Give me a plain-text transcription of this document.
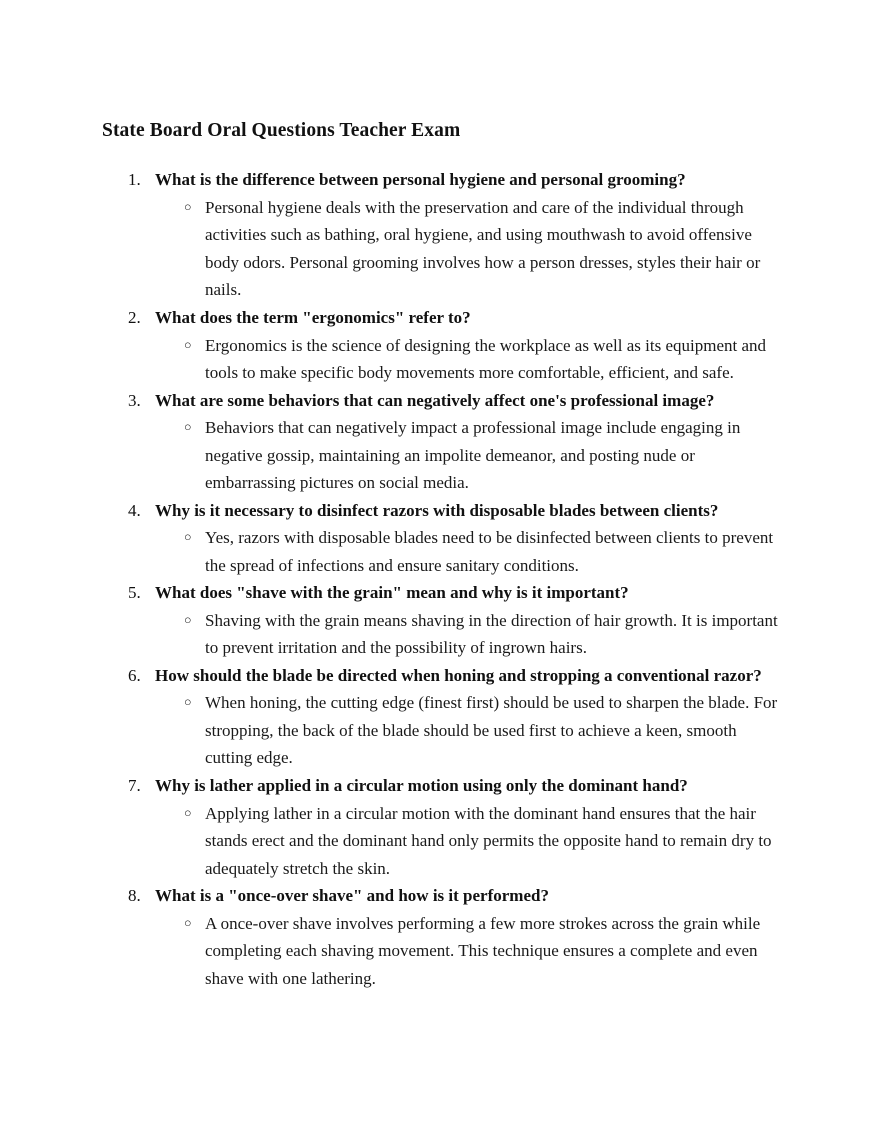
State Board Oral Questions Teacher Exam
1. What is the difference between personal hygiene and personal grooming?
○ Personal hygiene deals with the preservation and care of the individual through activities such as bathing, oral hygiene, and using mouthwash to avoid offensive body odors. Personal grooming involves how a person dresses, styles their hair or nails.
2. What does the term "ergonomics" refer to?
○ Ergonomics is the science of designing the workplace as well as its equipment and tools to make specific body movements more comfortable, efficient, and safe.
3. What are some behaviors that can negatively affect one's professional image?
○ Behaviors that can negatively impact a professional image include engaging in negative gossip, maintaining an impolite demeanor, and posting nude or embarrassing pictures on social media.
4. Why is it necessary to disinfect razors with disposable blades between clients?
○ Yes, razors with disposable blades need to be disinfected between clients to prevent the spread of infections and ensure sanitary conditions.
5. What does "shave with the grain" mean and why is it important?
○ Shaving with the grain means shaving in the direction of hair growth. It is important to prevent irritation and the possibility of ingrown hairs.
6. How should the blade be directed when honing and stropping a conventional razor?
○ When honing, the cutting edge (finest first) should be used to sharpen the blade. For stropping, the back of the blade should be used first to achieve a keen, smooth cutting edge.
7. Why is lather applied in a circular motion using only the dominant hand?
○ Applying lather in a circular motion with the dominant hand ensures that the hair stands erect and the dominant hand only permits the opposite hand to remain dry to adequately stretch the skin.
8. What is a "once-over shave" and how is it performed?
○ A once-over shave involves performing a few more strokes across the grain while completing each shaving movement. This technique ensures a complete and even shave with one lathering.
